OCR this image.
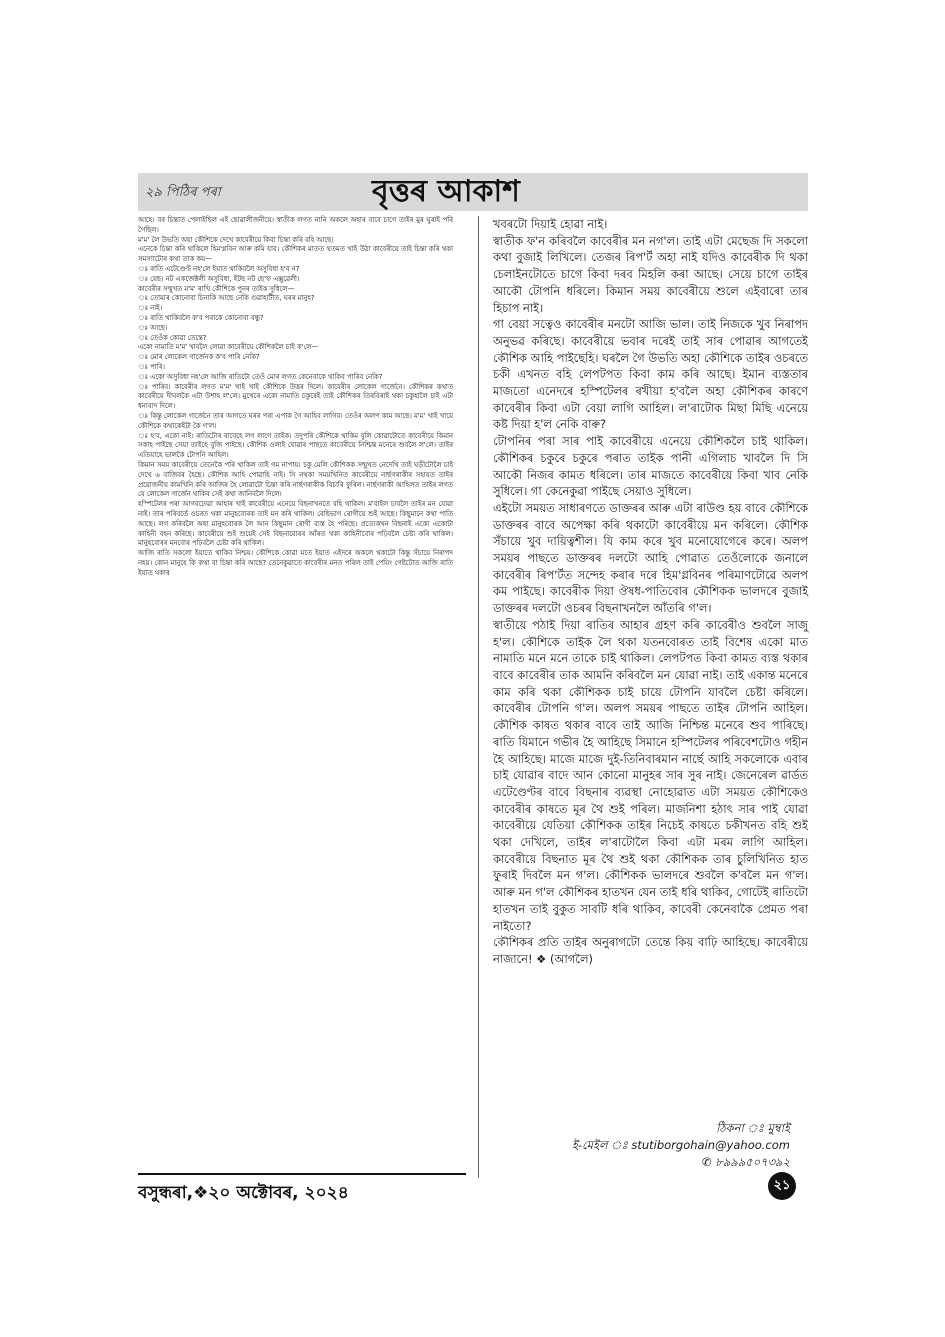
২৯ পিঠিৰ পৰা	বৃত্তৰ আকাশ

আহে। বৰ চিন্তাত পেলাইছিল এই ছোৱালীজনীয়ে। স্বাতীক লগত নানি অকলে অহাৰ বাবে চাগে তাইৰ মুৰ ঘুৰাই পৰি গৈছিল।

ম'ম' লৈ উভতি অহা কৌশিকে দেখে কাবেৰীয়ে কিবা চিন্তা কৰি বহি আছে।

এনেকে চিন্তা কৰি থাকিলে হিম'গ্লবিন আৰু কমি যাব। কৌশিকৰ মাতত থতমত খাই উঠা কাবেৰীয়ে তাই চিন্তা কৰি থকা সমস্যাটোৰ কথা তাক কয়—

ঃ ৰাতি এটেণ্ডেণ্ট নহ'লে ইয়াত থাকিবলৈ অসুবিধা হ'ব ন?

ঃ য়েছ। নট একজেক্টলী অসুবিধা, ইটছ নট ছে'ফ এক্সুৱেলী।

কাবেৰীৰ সন্মুখত ম'ম' ৰাখি কৌশিকে পুনৰ তাইক সুধিলে—

ঃ তোমাৰ কোনোবা চিনাকি আছে নেকি গুৱাহাটীত, ঘৰৰ মানুহ?

ঃ নাই।

ঃ ৰাতি থাকিবলৈ ক'ব পৰাকে কোনোবা বন্ধু?

ঃ আছে।

ঃ তেওঁক কোৱা তেন্তে?

একো নামাতি ম'ম' খাবলৈ লোৱা কাবেৰীয়ে কৌশিকলৈ চাই ক'লে—

ঃ মোৰ লোকেল গাৰ্জেনক ক'ব পাৰি নেকি?

ঃ পাৰি।

ঃ একো অসুবিধা নহ'লে আজি ৰাতিটো তেওঁ মোৰ লগত কেনেবাকে থাকিব পাৰিব নেকি?

ঃ পাৰিব। কাবেৰীৰ লগত ম'ম' খাই খাই কৌশিকে উত্তৰ দিলে। কাবেৰীৰ লোকেল গাৰ্জেনে। কৌশিকৰ কথাত কাবেৰীয়ে দীঘলকৈ এটা উশাহ ল'লে। মুখেৰে একো নামাতি চকুৰেই তাই কৌশিকৰ তিৰবিৰাই থকা চকুহালৈ চাই এটা ধন্যবাদ দিলে।

ঃ কিন্তু লোকেল গাৰ্জেনে তাৰ আগতে ঘৰৰ পৰা এপাক গৈ আহিব লাগিব। তেওঁৰ অলপ কাম আছে। ম'ম' খাই খায়ে কৌশিকে কথাকেইটা কৈ গ'ল।

ঃ হ'ব, একো নাই। ৰাতিটোৰ বাবেহে লগ লাগে তাইক। তদুপৰি কৌশিকে থাকিম বুলি কোৱাটোতে কাবেৰীয়ে কিমান সকাহ পাইছে সেয়া তাইহে বুজি পাইছে। কৌশিক ওলাই যোৱাৰ পাছতে কাবেৰীয়ে নিশ্চিন্ত মনেৰে শুবলৈ ল'লে। তাইৰ এতিয়াহে ভালকৈ টোপনি আহিল।

কিমান সময় কাবেৰীয়ে তেনেকৈ পৰি থাকিল তাই গম নাপায়। চকু মেলি কৌশিকক সন্মুখত নেদেখি তাই ঘড়ীটোলৈ চাই দেখে ৬ বাজিবৰ হৈছে। কৌশিক আহি পোৱাহি নাই। সি নথকা সময়খিনিত কাবেৰীয়ে নাৰ্ছগৰাকীৰ সহায়ত তাইৰ প্ৰয়োজনীয় কামখিনি কৰি আজিৰ হৈ লোৱাটো চিন্তা কৰি নাৰ্ছগৰাকীক বিচাৰি ফুৰিল। নাৰ্ছগৰাকী আহিলত তাইৰ লগত যে লোকেল গাৰ্জেন থাকিব সেই কথা জানিবলৈ দিলে।

হস্পিটেলৰ পৰা আগবঢ়োৱা আহাৰ খাই কাবেৰীয়ে এনেয়ে বিছনাখনতে বহি থাকিল। ম'বাইল চাবলৈ তাইৰ মন যোৱা নাই। তাৰ পৰিবৰ্তে ওচৰত থকা মানুহবোৰক তাই মন কৰি থাকিল। বেছিভাগ ৰোগীয়ে শুই আছে। কিছুমানে কথা পাতি আছে। লগ কৰিবলৈ অহা মানুহবোৰক লৈ আন কিছুমান ৰোগী ব্যস্ত হৈ পৰিছে। প্ৰত্যেকখন বিছনাই একো একোটা কাহিনী বহন কৰিছে। কাবেৰীয়ে শুই শুয়েই সেই বিছনাবোৰৰ আঁৰত থকা কাহিনীবোৰ পঢ়িবলৈ চেষ্টা কৰি থাকিল। মানুহবোৰৰ মনবোৰ পঢ়িবলৈ চেষ্টা কৰি থাকিল।

আজি ৰাতি সকলো ইয়াতে থাকিব নিশ্চয়। কৌশিকে কোৱা মতে ইয়াত এইদৰে অকলে থকাটো কিন্তু সঁচায়ে নিৰাপদ নহয়। কোন মানুহে কি কথা বা চিন্তা কৰি আছে? তেনেকুৱাতে কাবেৰীৰ মনত পৰিল তাই পেয়িং গেষ্টটোত আজি ৰাতি ইয়াত থকাৰ

খবৰটো দিয়াই হোৱা নাই।

স্বাতীক ফ'ন কৰিবলৈ কাবেৰীৰ মন নগ'ল। তাই এটা মেছেজ দি সকলো কথা বুজাই লিখিলে। তেজৰ ৰিপ'ৰ্ট অহা নাই যদিও কাবেৰীক দি থকা চেলাইনটোতে চাগে কিবা দৰব মিহলি কৰা আছে। সেয়ে চাগে তাইৰ আকৌ টোপনি ধৰিলে। কিমান সময় কাবেৰীয়ে শুলে এইবাৰো তাৰ হিচাপ নাই।

গা বেয়া সত্বেও কাবেৰীৰ মনটো আজি ভাল। তাই নিজকে খুব নিৰাপদ অনুভৱ কৰিছে। কাবেৰীয়ে ভবাৰ দৰেই তাই সাৰ পোৱাৰ আগতেই কৌশিক আহি পাইছেহি। ঘৰলৈ গৈ উভতি অহা কৌশিকে তাইৰ ওচৰতে চকী এখনত বহি লেপটপত কিবা কাম কৰি আছে। ইমান ব্যস্ততাৰ মাজতো এনেদৰে হস্পিটেলৰ ৰখীয়া হ'বলৈ অহা কৌশিকৰ কাৰণে কাবেৰীৰ কিবা এটা বেয়া লাগি আহিল। ল'ৰাটোক মিছা মিছি এনেয়ে কষ্ট দিয়া হ'ল নেকি বাৰু?

টোপনিৰ পৰা সাৰ পাই কাবেৰীয়ে এনেয়ে কৌশিকলৈ চাই থাকিল। কৌশিকৰ চকুৰে চকুৰে পৰাত তাইক পানী এগিলাচ খাবলৈ দি সি আকৌ নিজৰ কামত ধৰিলে। তাৰ মাজতে কাবেৰীয়ে কিবা খাব নেকি সুধিলে। গা কেনেকুৱা পাইছে সেয়াও সুধিলে।

এইটো সময়ত সাধাৰণতে ডাক্তৰৰ আৰু এটা ৰাউণ্ড হয় বাবে কৌশিকে ডাক্তৰৰ বাবে অপেক্ষা কৰি থকাটো কাবেৰীয়ে মন কৰিলে। কৌশিক সঁচায়ে খুব দায়িত্বশীল। যি কাম কৰে খুব মনোযোগেৰে কৰে। অলপ সময়ৰ পাছতে ডাক্তৰৰ দলটো আহি পোৱাত তেওঁলোকে জনালে কাবেৰীৰ ৰিপ'ৰ্টত সন্দেহ কৰাৰ দৰে হিম'গ্লবিনৰ পৰিমাণটোৱে অলপ কম পাইছে। কাবেৰীক দিয়া ঔষধ-পাতিবোৰ কৌশিকক ভালদৰে বুজাই ডাক্তৰৰ দলটো ওচৰৰ বিছনাখনলৈ আঁতৰি গ'ল।

স্বাতীয়ে পঠাই দিয়া ৰাতিৰ আহাৰ গ্ৰহণ কৰি কাবেৰীও শুবলৈ সাজু হ'ল। কৌশিকে তাইক লৈ থকা যতনবোৰত তাই বিশেষ একো মাত নামাতি মনে মনে তাকে চাই থাকিল। লেপটপত কিবা কামত ব্যস্ত থকাৰ বাবে কাবেৰীৰ তাক আমনি কৰিবলৈ মন যোৱা নাই। তাই একান্ত মনেৰে কাম কৰি থকা কৌশিকক চাই চায়ে টোপনি যাবলৈ চেষ্টা কৰিলে। কাবেৰীৰ টোপনি গ'ল। অলপ সময়ৰ পাছতে তাইৰ টোপনি আহিল। কৌশিক কাষত থকাৰ বাবে তাই আজি নিশ্চিন্ত মনেৰে শুব পাৰিছে। ৰাতি যিমানে গভীৰ হৈ আহিছে সিমানে হস্পিটেলৰ পৰিবেশটোও গহীন হৈ আহিছে। মাজে মাজে দুই-তিনিবাৰমান নাৰ্ছে আহি সকলোকে এবাৰ চাই যোৱাৰ বাদে আন কোনো মানুহৰ সাৰ সুৰ নাই। জেনেৰেল ৱাৰ্ডত এটেণ্ডেণ্টৰ বাবে বিছনাৰ ব্যৱস্থা নোহোৱাত এটা সময়ত কৌশিকেও কাবেৰীৰ কাষতে মূৰ থৈ শুই পৰিল। মাজনিশা হঠাৎ সাৰ পাই যোৱা কাবেৰীয়ে যেতিয়া কৌশিকক তাইৰ নিচেই কাষতে চকীখনত বহি শুই থকা দেখিলে, তাইৰ ল'ৰাটোলৈ কিবা এটা মৰম লাগি আহিল। কাবেৰীয়ে বিছনাত মূৰ থৈ শুই থকা কৌশিকক তাৰ চুলিখিনিত হাত ফুৰাই দিবলৈ মন গ'ল। কৌশিকক ভালদৰে শুবলৈ ক'বলৈ মন গ'ল। আৰু মন গ'ল কৌশিকৰ হাতখন যেন তাই ধৰি থাকিব, গোটেই ৰাতিটো হাতখন তাই বুকুত সাবটি ধৰি থাকিব, কাবেৰী কেনেবাকৈ প্ৰেমত পৰা নাইতো?

কৌশিকৰ প্ৰতি তাইৰ অনুৰাগটো তেন্তে কিয় বাঢ়ি আহিছে। কাবেৰীয়ে নাজানে! ❖ (আগলৈ)

ঠিকনা ঃ মুম্বাই
ই-মেইল ঃ stutiborgohain@yahoo.com
✆ ৮৯৯৯৫০৭৩৯২
বসুন্ধৰা,❖২০ অক্টোবৰ, ২০২৪	২১
